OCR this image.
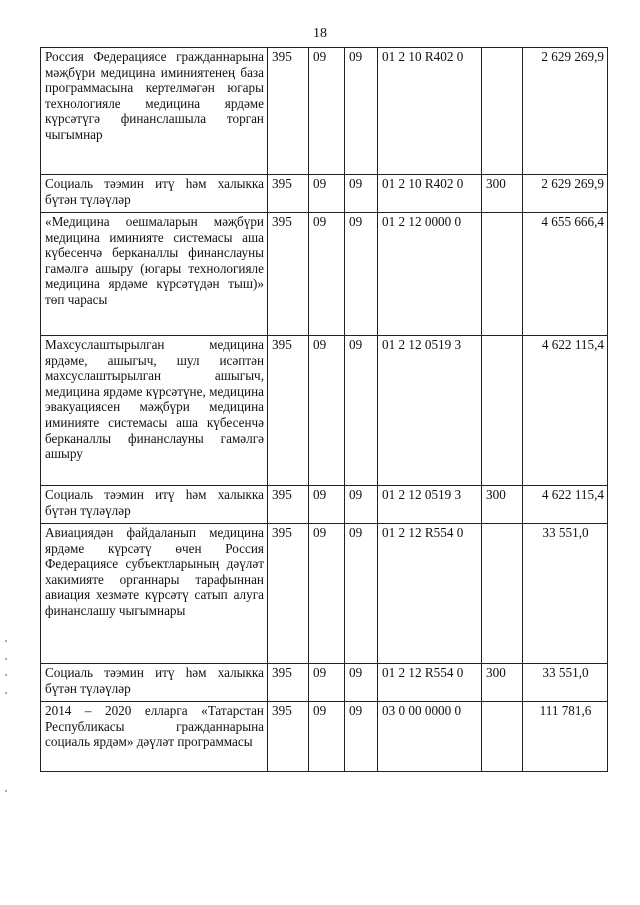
18
Россия Федерациясе гражданнарына мәҗбүри медицина иминиятенең база программасына кертелмәгән югары технологияле медицина ярдәме күрсәтүгә финанслашыла торган чыгымнар	395	09	09	01 2 10 R402 0		2 629 269,9
Социаль тәэмин итү һәм халыкка бүтән түләүләр	395	09	09	01 2 10 R402 0	300	2 629 269,9
«Медицина оешмаларын мәҗбүри медицина иминияте системасы аша күбесенчә берканаллы финанслауны гамәлгә ашыру (югары технологияле медицина ярдәме күрсәтүдән тыш)» төп чарасы	395	09	09	01 2 12 0000 0		4 655 666,4
Махсуслаштырылган медицина ярдәме, ашыгыч, шул исәптән махсуслаштырылган ашыгыч, медицина ярдәме күрсәтүне, медицина эвакуациясен мәҗбүри медицина иминияте системасы аша күбесенчә берканаллы финанслауны гамәлгә ашыру	395	09	09	01 2 12 0519 3		4 622 115,4
Социаль тәэмин итү һәм халыкка бүтән түләүләр	395	09	09	01 2 12 0519 3	300	4 622 115,4
Авиациядән файдаланып медицина ярдәме күрсәтү өчен Россия Федерациясе субъектларының дәүләт хакимияте органнары тарафыннан авиация хезмәте күрсәтү сатып алуга финанслашу чыгымнары	395	09	09	01 2 12 R554 0		33 551,0
Социаль тәэмин итү һәм халыкка бүтән түләүләр	395	09	09	01 2 12 R554 0	300	33 551,0
2014 – 2020 елларга «Татарстан Республикасы гражданнарына социаль ярдәм» дәүләт программасы	395	09	09	03 0 00 0000 0		111 781,6
